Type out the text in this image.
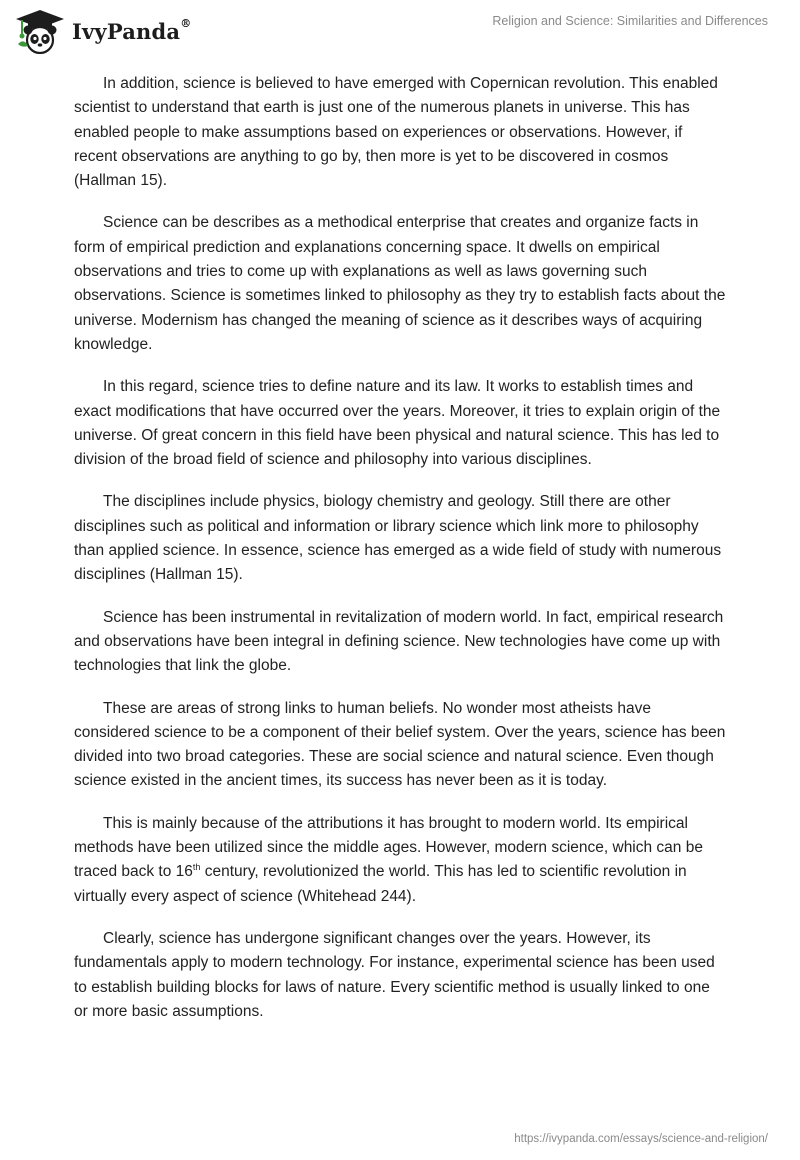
IvyPanda®	Religion and Science: Similarities and Differences

In addition, science is believed to have emerged with Copernican revolution. This enabled scientist to understand that earth is just one of the numerous planets in universe. This has enabled people to make assumptions based on experiences or observations. However, if recent observations are anything to go by, then more is yet to be discovered in cosmos (Hallman 15).

Science can be describes as a methodical enterprise that creates and organize facts in form of empirical prediction and explanations concerning space. It dwells on empirical observations and tries to come up with explanations as well as laws governing such observations. Science is sometimes linked to philosophy as they try to establish facts about the universe. Modernism has changed the meaning of science as it describes ways of acquiring knowledge.

In this regard, science tries to define nature and its law. It works to establish times and exact modifications that have occurred over the years. Moreover, it tries to explain origin of the universe. Of great concern in this field have been physical and natural science. This has led to division of the broad field of science and philosophy into various disciplines.

The disciplines include physics, biology chemistry and geology. Still there are other disciplines such as political and information or library science which link more to philosophy than applied science. In essence, science has emerged as a wide field of study with numerous disciplines (Hallman 15).

Science has been instrumental in revitalization of modern world. In fact, empirical research and observations have been integral in defining science. New technologies have come up with technologies that link the globe.

These are areas of strong links to human beliefs. No wonder most atheists have considered science to be a component of their belief system. Over the years, science has been divided into two broad categories. These are social science and natural science. Even though science existed in the ancient times, its success has never been as it is today.

This is mainly because of the attributions it has brought to modern world. Its empirical methods have been utilized since the middle ages. However, modern science, which can be traced back to 16th century, revolutionized the world. This has led to scientific revolution in virtually every aspect of science (Whitehead 244).

Clearly, science has undergone significant changes over the years. However, its fundamentals apply to modern technology. For instance, experimental science has been used to establish building blocks for laws of nature. Every scientific method is usually linked to one or more basic assumptions.

https://ivypanda.com/essays/science-and-religion/
